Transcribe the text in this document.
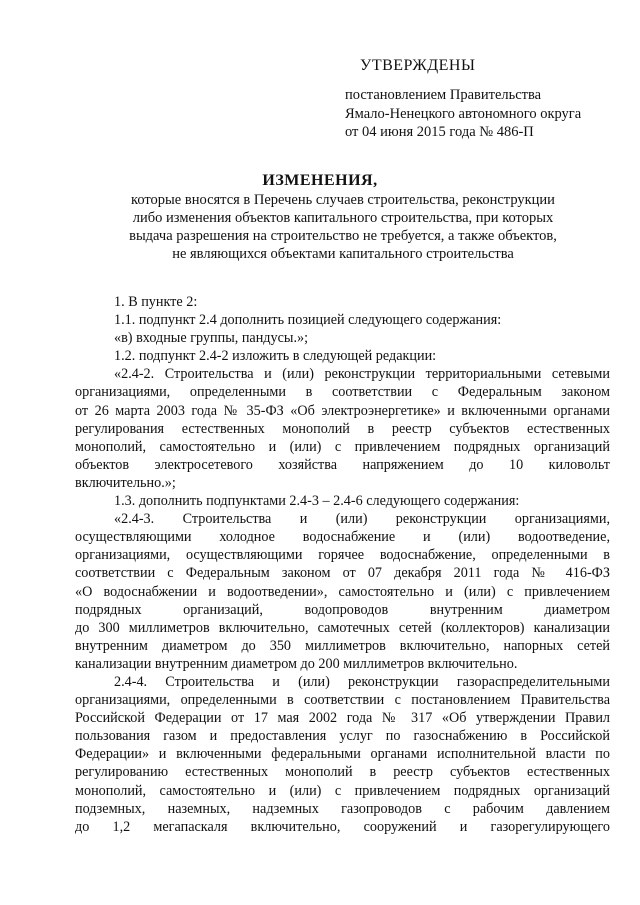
УТВЕРЖДЕНЫ
постановлением Правительства
Ямало-Ненецкого автономного округа
от 04 июня 2015 года № 486-П
ИЗМЕНЕНИЯ,
которые вносятся в Перечень случаев строительства, реконструкции
либо изменения объектов капитального строительства, при которых
выдача разрешения на строительство не требуется, а также объектов,
не являющихся объектами капитального строительства
1. В пункте 2:
1.1. подпункт 2.4 дополнить позицией следующего содержания:
«в) входные группы, пандусы.»;
1.2. подпункт 2.4-2 изложить в следующей редакции:
«2.4-2. Строительства и (или) реконструкции территориальными сетевыми
организациями, определенными в соответствии с Федеральным законом
от 26 марта 2003 года № 35-ФЗ «Об электроэнергетике» и включенными органами
регулирования естественных монополий в реестр субъектов естественных
монополий, самостоятельно и (или) с привлечением подрядных организаций
объектов электросетевого хозяйства напряжением до 10 киловольт
включительно.»;
1.3. дополнить подпунктами 2.4-3 – 2.4-6 следующего содержания:
«2.4-3. Строительства и (или) реконструкции организациями,
осуществляющими холодное водоснабжение и (или) водоотведение,
организациями, осуществляющими горячее водоснабжение, определенными в
соответствии с Федеральным законом от 07 декабря 2011 года № 416-ФЗ
«О водоснабжении и водоотведении», самостоятельно и (или) с привлечением
подрядных организаций, водопроводов внутренним диаметром
до 300 миллиметров включительно, самотечных сетей (коллекторов) канализации
внутренним диаметром до 350 миллиметров включительно, напорных сетей
канализации внутренним диаметром до 200 миллиметров включительно.
2.4-4. Строительства и (или) реконструкции газораспределительными
организациями, определенными в соответствии с постановлением Правительства
Российской Федерации от 17 мая 2002 года № 317 «Об утверждении Правил
пользования газом и предоставления услуг по газоснабжению в Российской
Федерации» и включенными федеральными органами исполнительной власти по
регулированию естественных монополий в реестр субъектов естественных
монополий, самостоятельно и (или) с привлечением подрядных организаций
подземных, наземных, надземных газопроводов с рабочим давлением
до 1,2 мегапаскаля включительно, сооружений и газорегулирующего
